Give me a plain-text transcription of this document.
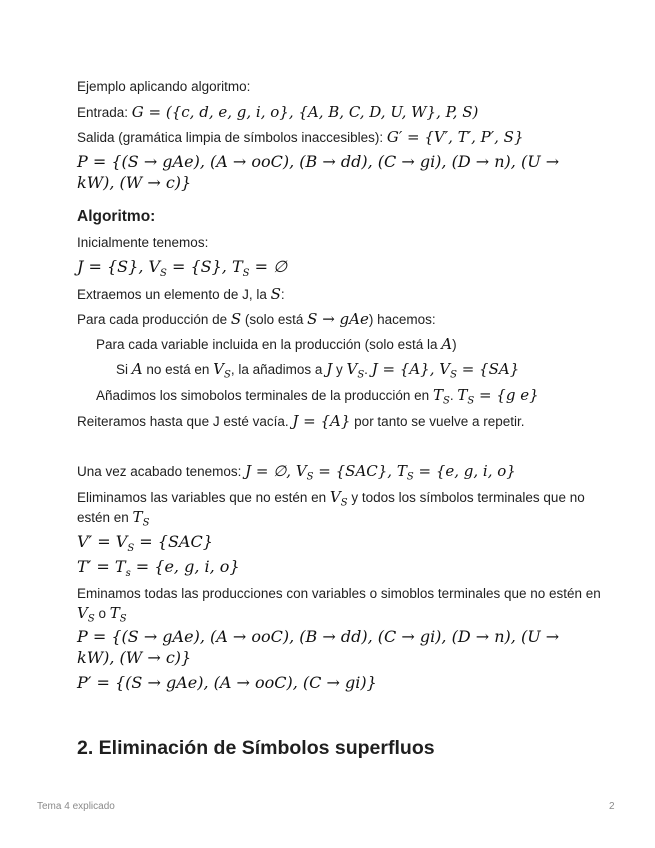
Ejemplo aplicando algoritmo:
Entrada: G = ({c, d, e, g, i, o}, {A, B, C, D, U, W}, P, S)
Salida (gramática limpia de símbolos inaccesibles): G′ = {V′, T′, P′, S}
P = {(S → gAe), (A → ooC), (B → dd), (C → gi), (D → n), (U →
kW), (W → c)}
Algoritmo:
Inicialmente tenemos:
J = {S}, $V_S = \{S\}$, $T_S$ = ∅
Extraemos un elemento de J, la S:
Para cada producción de S (solo está S → gAe) hacemos:
Para cada variable incluida en la producción (solo está la A)
Si A no está en $V_S$, la añadimos a J y $V_S$. J = {A}, $V_S = \{SA\}$
Añadimos los simobolos terminales de la producción en $T_S$. $T_S = \{g$ e}
Reiteramos hasta que J esté vacía. J = {A} por tanto se vuelve a repetir.
Una vez acabado tenemos: J = ∅, $V_S = \{SAC\}$, $T_S = \{e$, g, i, o}
Eliminamos las variables que no estén en $V_S$ y todos los símbolos terminales que no
estén en $T_S$
$V' = V_S = \{SAC\}$
$T' = T_s = \{e$, g, i, o}
Eminamos todas las producciones con variables o simoblos terminales que no estén en
$V_S$ o $T_S$
P = {(S → gAe), (A → ooC), (B → dd), (C → gi), (D → n), (U →
kW), (W → c)}
P′ = {(S → gAe), (A → ooC), (C → gi)}
2. Eliminación de Símbolos superfluos
Tema 4 explicado	2
